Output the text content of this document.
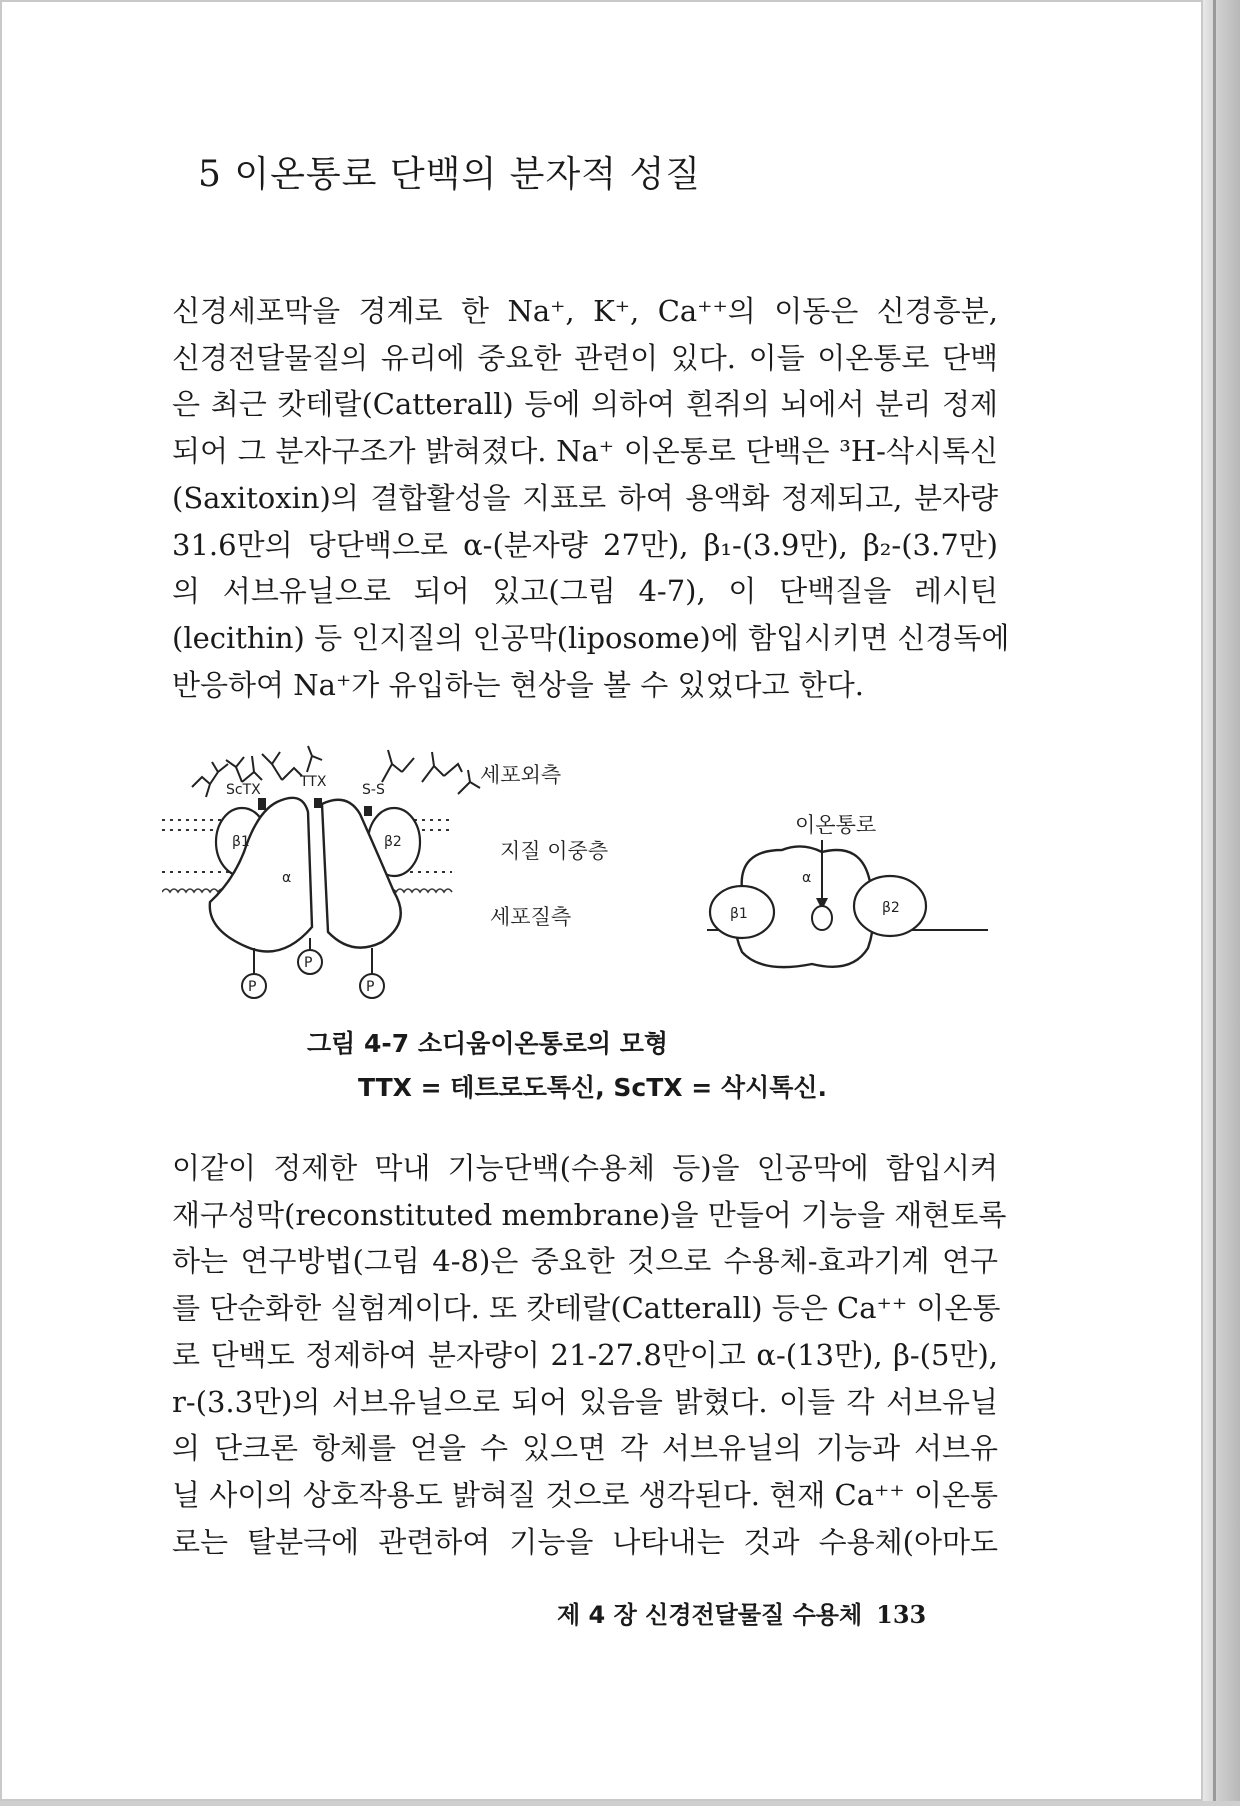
5 이온통로 단백의 분자적 성질
신경세포막을 경계로 한 Na⁺, K⁺, Ca⁺⁺의 이동은 신경흥분,
신경전달물질의 유리에 중요한 관련이 있다. 이들 이온통로 단백
은 최근 캇테랄(Catterall) 등에 의하여 흰쥐의 뇌에서 분리 정제
되어 그 분자구조가 밝혀졌다. Na⁺ 이온통로 단백은 ³H-삭시톡신
(Saxitoxin)의 결합활성을 지표로 하여 용액화 정제되고, 분자량
31.6만의 당단백으로 α-(분자량 27만), β₁-(3.9만), β₂-(3.7만)
의 서브유닐으로 되어 있고(그림 4-7), 이 단백질을 레시틴
(lecithin) 등 인지질의 인공막(liposome)에 함입시키면 신경독에
반응하여 Na⁺가 유입하는 현상을 볼 수 있었다고 한다.
P
P
P
ScTX	TTX	S-S
β1	β2
α
세포외측
지질 이중층
세포질측
이온통로
β1	β2
α
그림 4-7 소디움이온통로의 모형
TTX = 테트로도톡신, ScTX = 삭시톡신.
이같이 정제한 막내 기능단백(수용체 등)을 인공막에 함입시켜
재구성막(reconstituted membrane)을 만들어 기능을 재현토록
하는 연구방법(그림 4-8)은 중요한 것으로 수용체-효과기계 연구
를 단순화한 실험계이다. 또 캇테랄(Catterall) 등은 Ca⁺⁺ 이온통
로 단백도 정제하여 분자량이 21-27.8만이고 α-(13만), β-(5만),
r-(3.3만)의 서브유닐으로 되어 있음을 밝혔다. 이들 각 서브유닐
의 단크론 항체를 얻을 수 있으면 각 서브유닐의 기능과 서브유
닐 사이의 상호작용도 밝혀질 것으로 생각된다. 현재 Ca⁺⁺ 이온통
로는 탈분극에 관련하여 기능을 나타내는 것과 수용체(아마도
제 4 장 신경전달물질 수용체 133
